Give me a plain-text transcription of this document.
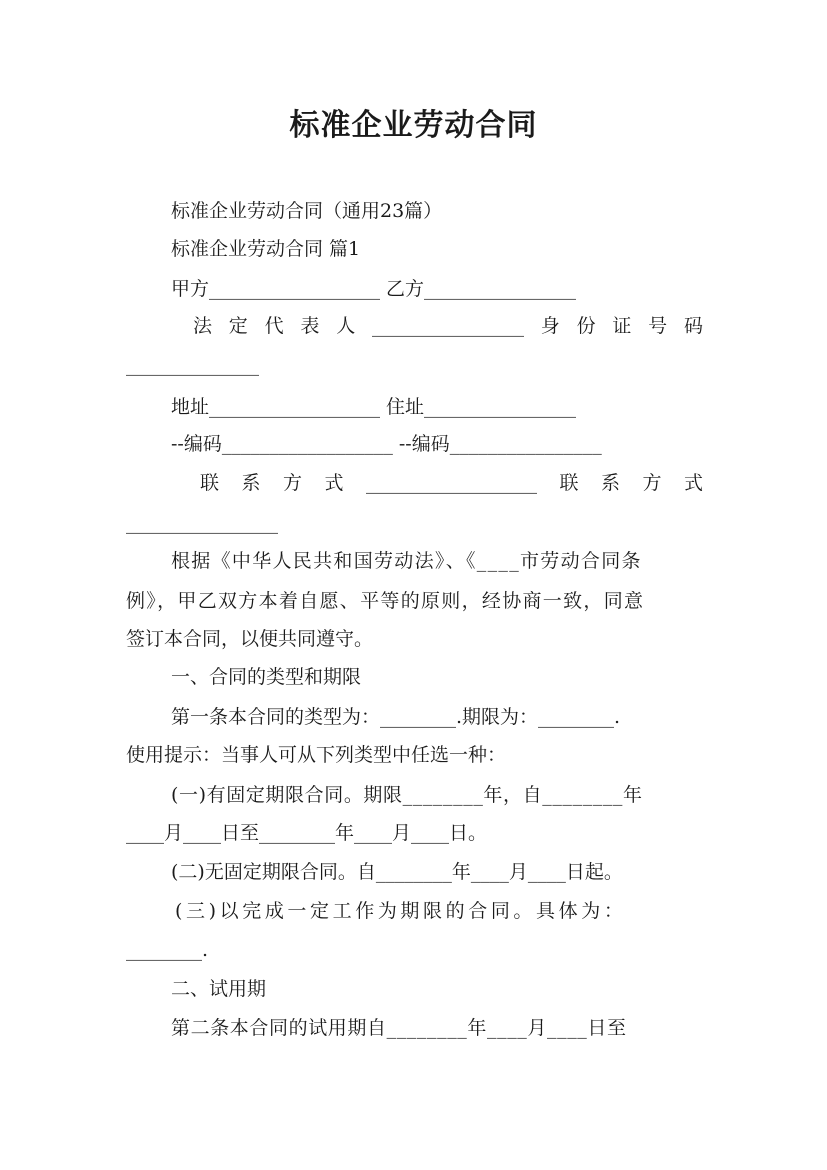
标准企业劳动合同
标准企业劳动合同（通用23篇）
标准企业劳动合同 篇1
甲方__________________ 乙方________________
法 定 代 表 人 ________________ 身 份 证 号 码
______________
地址__________________ 住址________________
--编码__________________ --编码________________
联 系 方 式 __________________ 联 系 方 式
________________
根据《中华人民共和国劳动法》、《____市劳动合同条
例》，甲乙双方本着自愿、平等的原则，经协商一致，同意
签订本合同，以便共同遵守。
一、合同的类型和期限
第一条本合同的类型为：________.期限为：________.
使用提示：当事人可从下列类型中任选一种：
(一)有固定期限合同。期限________年，自________年
____月____日至________年____月____日。
(二)无固定期限合同。自________年____月____日起。
(三)以完成一定工作为期限的合同。具体为：
________.
二、试用期
第二条本合同的试用期自________年____月____日至
